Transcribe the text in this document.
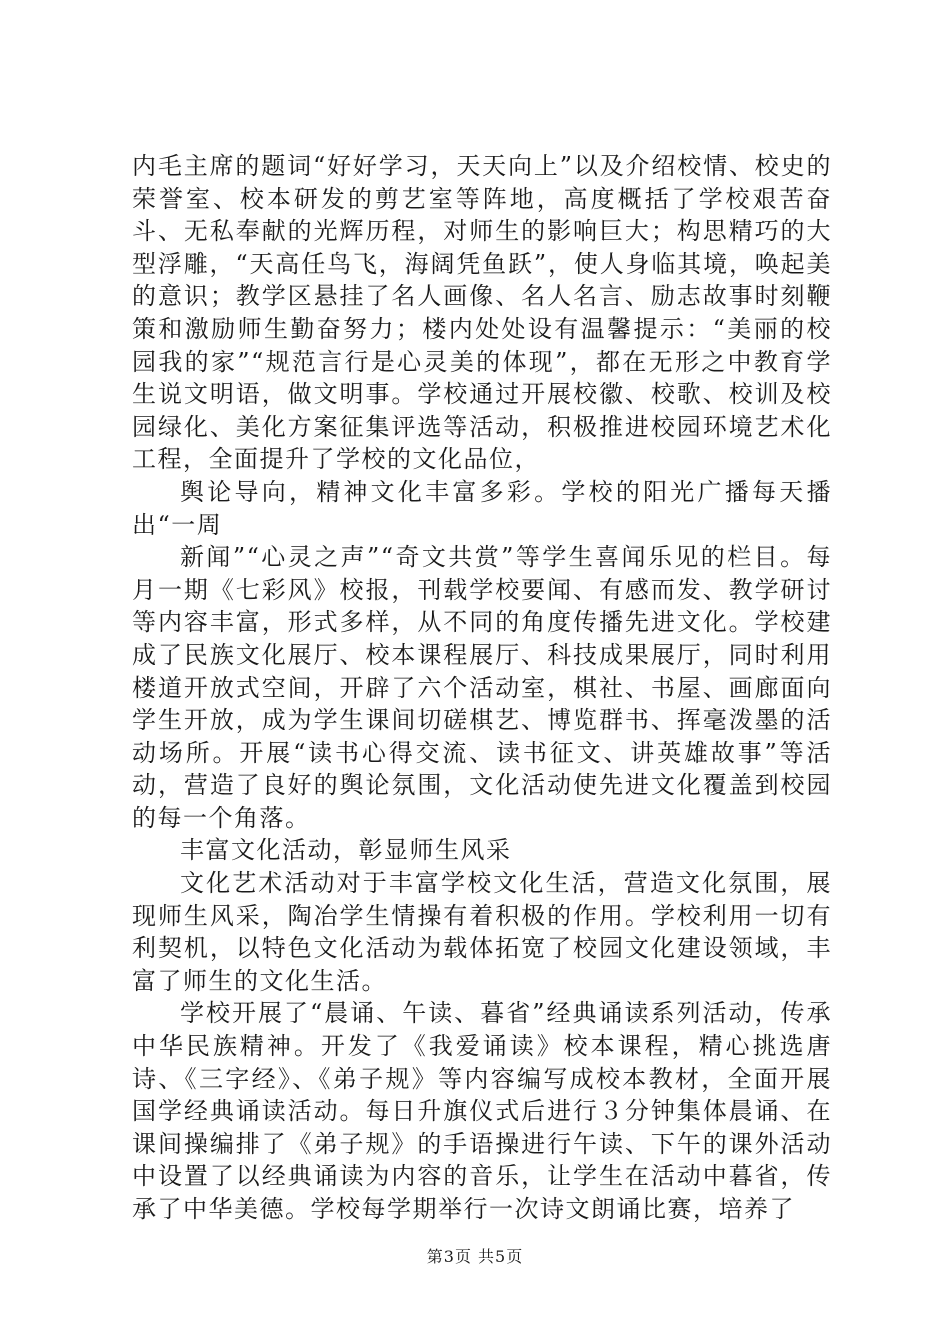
内毛主席的题词“好好学习，天天向上”以及介绍校情、校史的荣誉室、校本研发的剪艺室等阵地，高度概括了学校艰苦奋斗、无私奉献的光辉历程，对师生的影响巨大；构思精巧的大型浮雕，“天高任鸟飞，海阔凭鱼跃”，使人身临其境，唤起美的意识；教学区悬挂了名人画像、名人名言、励志故事时刻鞭策和激励师生勤奋努力；楼内处处设有温馨提示：“美丽的校园我的家”“规范言行是心灵美的体现”，都在无形之中教育学生说文明语，做文明事。学校通过开展校徽、校歌、校训及校园绿化、美化方案征集评选等活动，积极推进校园环境艺术化工程，全面提升了学校的文化品位，

舆论导向，精神文化丰富多彩。学校的阳光广播每天播出“一周

新闻”“心灵之声”“奇文共赏”等学生喜闻乐见的栏目。每月一期《七彩风》校报，刊载学校要闻、有感而发、教学研讨等内容丰富，形式多样，从不同的角度传播先进文化。学校建成了民族文化展厅、校本课程展厅、科技成果展厅，同时利用楼道开放式空间，开辟了六个活动室，棋社、书屋、画廊面向学生开放，成为学生课间切磋棋艺、博览群书、挥毫泼墨的活动场所。开展“读书心得交流、读书征文、讲英雄故事”等活动，营造了良好的舆论氛围，文化活动使先进文化覆盖到校园的每一个角落。

丰富文化活动，彰显师生风采

文化艺术活动对于丰富学校文化生活，营造文化氛围，展现师生风采，陶冶学生情操有着积极的作用。学校利用一切有利契机，以特色文化活动为载体拓宽了校园文化建设领域，丰富了师生的文化生活。

学校开展了“晨诵、午读、暮省”经典诵读系列活动，传承中华民族精神。开发了《我爱诵读》校本课程，精心挑选唐诗、《三字经》、《弟子规》等内容编写成校本教材，全面开展国学经典诵读活动。每日升旗仪式后进行３分钟集体晨诵、在课间操编排了《弟子规》的手语操进行午读、下午的课外活动中设置了以经典诵读为内容的音乐，让学生在活动中暮省，传承了中华美德。学校每学期举行一次诗文朗诵比赛，培养了

第3页 共5页
